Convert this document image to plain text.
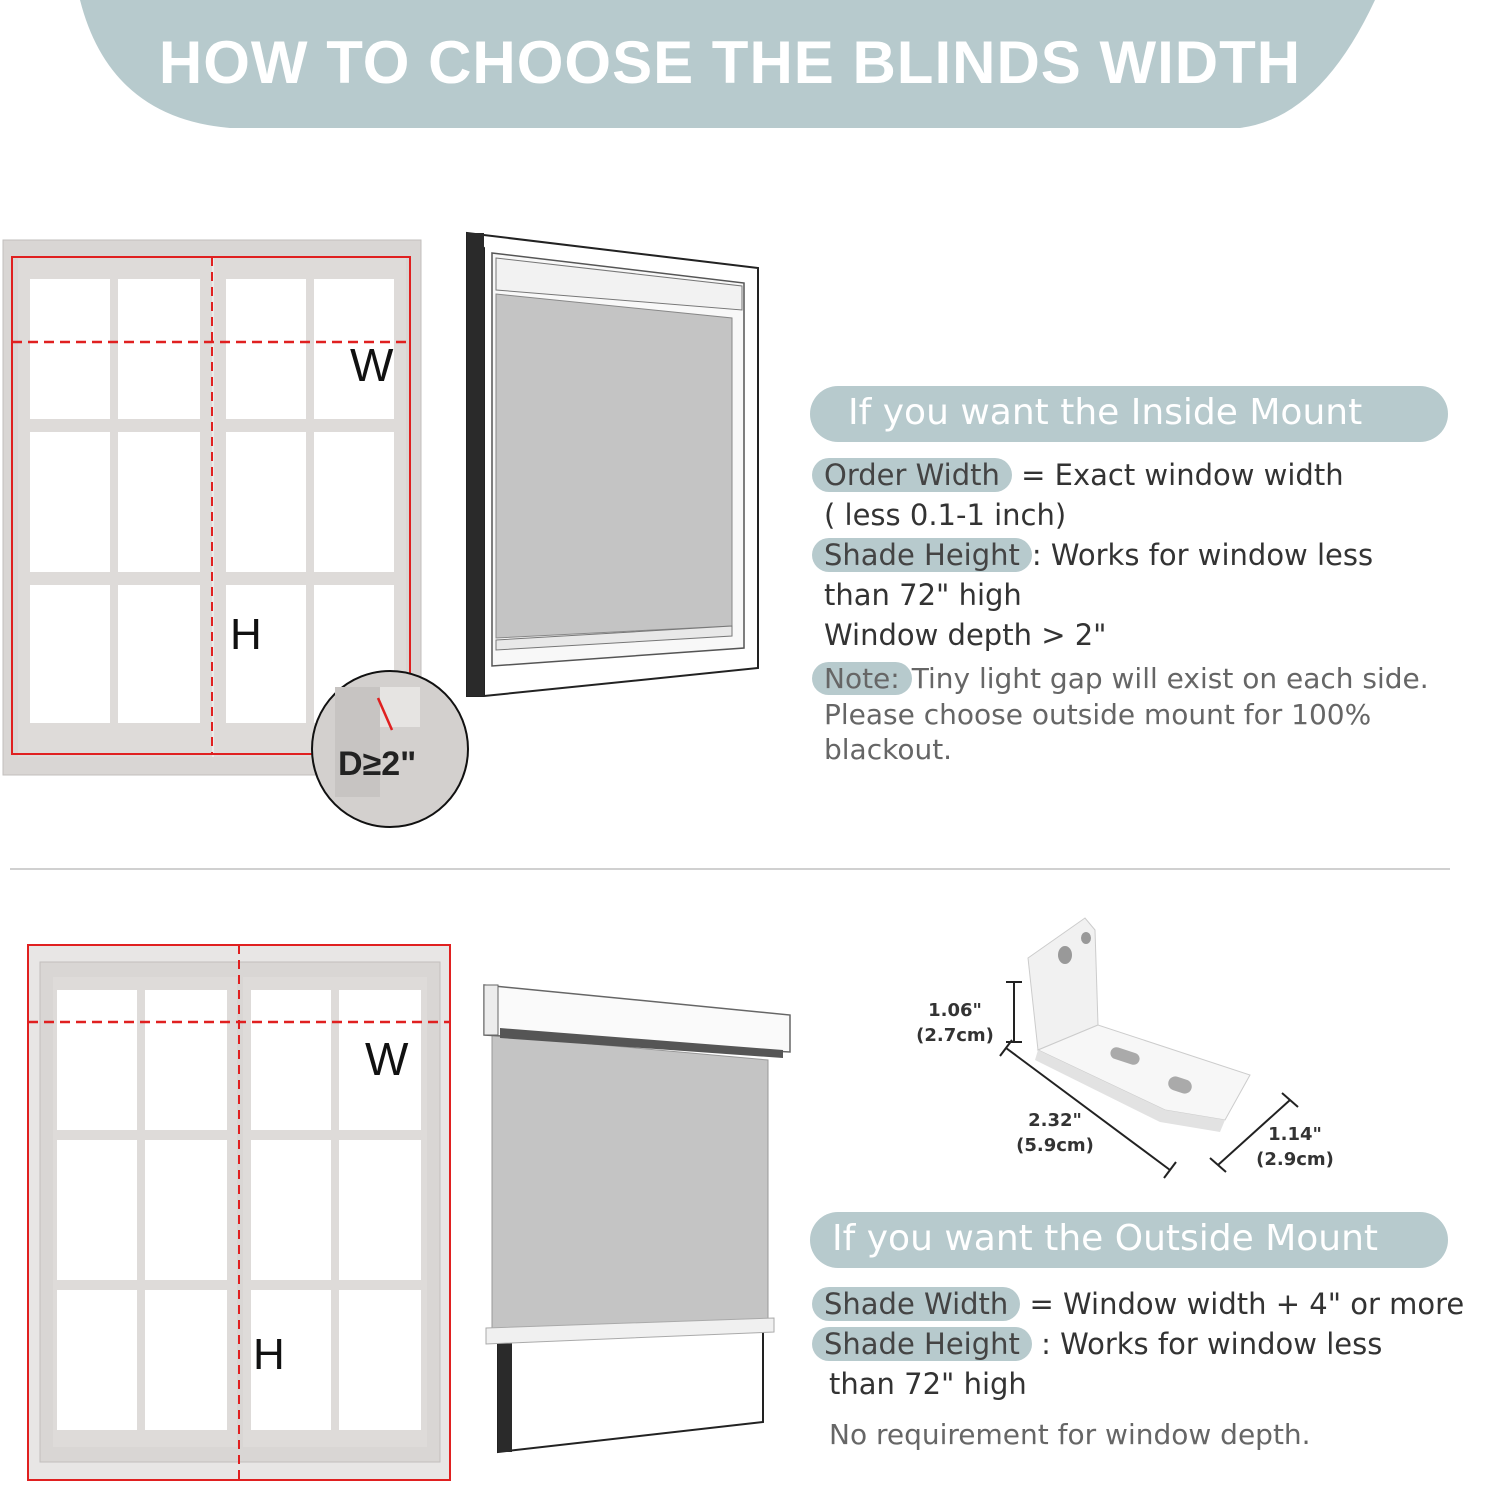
HOW TO CHOOSE THE BLINDS WIDTH
W
H
D≥2"
If you want the Inside Mount
Order Width = Exact window width
( less 0.1-1 inch)
Shade Height : Works for window less
than 72" high
Window depth > 2"
Note: Tiny light gap will exist on each side.
Please choose outside mount for 100%
blackout.
W
H
1.06"
(2.7cm)
2.32"
(5.9cm)
1.14"
(2.9cm)
If you want the Outside Mount
Shade Width = Window width + 4" or more
Shade Height : Works for window less
than 72" high
No requirement for window depth.
